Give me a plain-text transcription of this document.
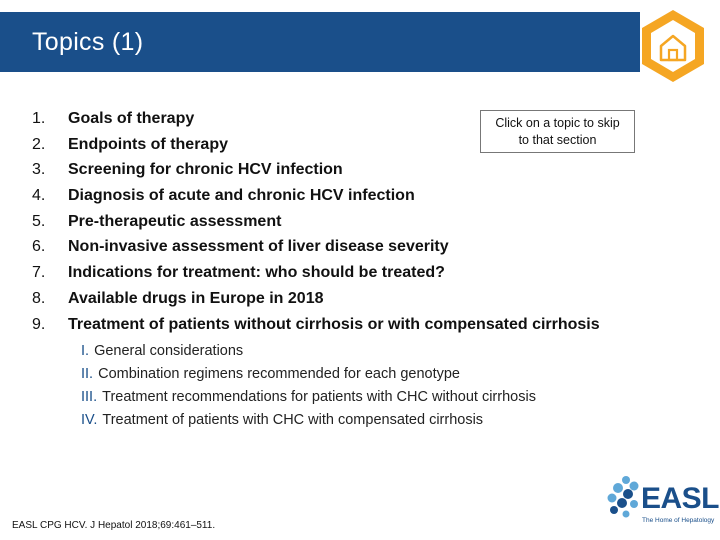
Topics (1)
Click on a topic to skip
to that section
1.	Goals of therapy
2.	Endpoints of therapy
3.	Screening for chronic HCV infection
4.	Diagnosis of acute and chronic HCV infection
5.	Pre-therapeutic assessment
6.	Non-invasive assessment of liver disease severity
7.	Indications for treatment: who should be treated?
8.	Available drugs in Europe in 2018
9.	Treatment of patients without cirrhosis or with compensated cirrhosis
I. General considerations
II. Combination regimens recommended for each genotype
III. Treatment recommendations for patients with CHC without cirrhosis
IV. Treatment of patients with CHC with compensated cirrhosis
EASL CPG HCV. J Hepatol 2018;69:461–511.
EASL
The Home of Hepatology
